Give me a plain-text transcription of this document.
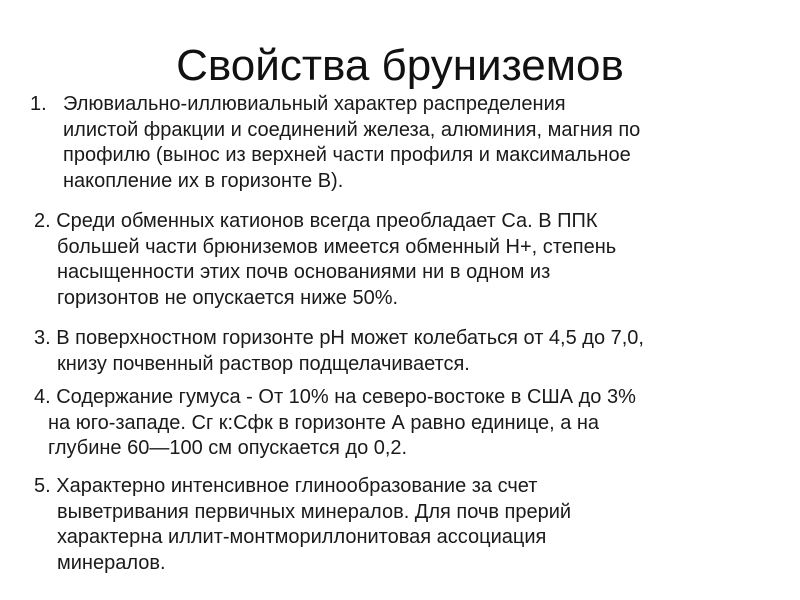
Свойства бруниземов
1. Элювиально-иллювиальный характер распределения
илистой фракции и соединений железа, алюминия, магния по
профилю (вынос из верхней части профиля и максимальное
накопление их в горизонте В).
2. Среди обменных катионов всегда преобладает Са. В ППК
большей части брюниземов имеется обменный Н+, степень
насыщенности этих почв основаниями ни в одном из
горизонтов не опускается ниже 50%.
3. В поверхностном горизонте рН может колебаться от 4,5 до 7,0,
книзу почвенный раствор подщелачивается.
4. Содержание гумуса - От 10% на северо-востоке в США до 3%
на юго-западе. Сг к:Сфк в горизонте А равно единице, а на
глубине 60—100 см опускается до 0,2.
5. Характерно интенсивное глинообразование за счет
выветривания первичных минералов. Для почв прерий
характерна иллит-монтмориллонитовая ассоциация
минералов.
